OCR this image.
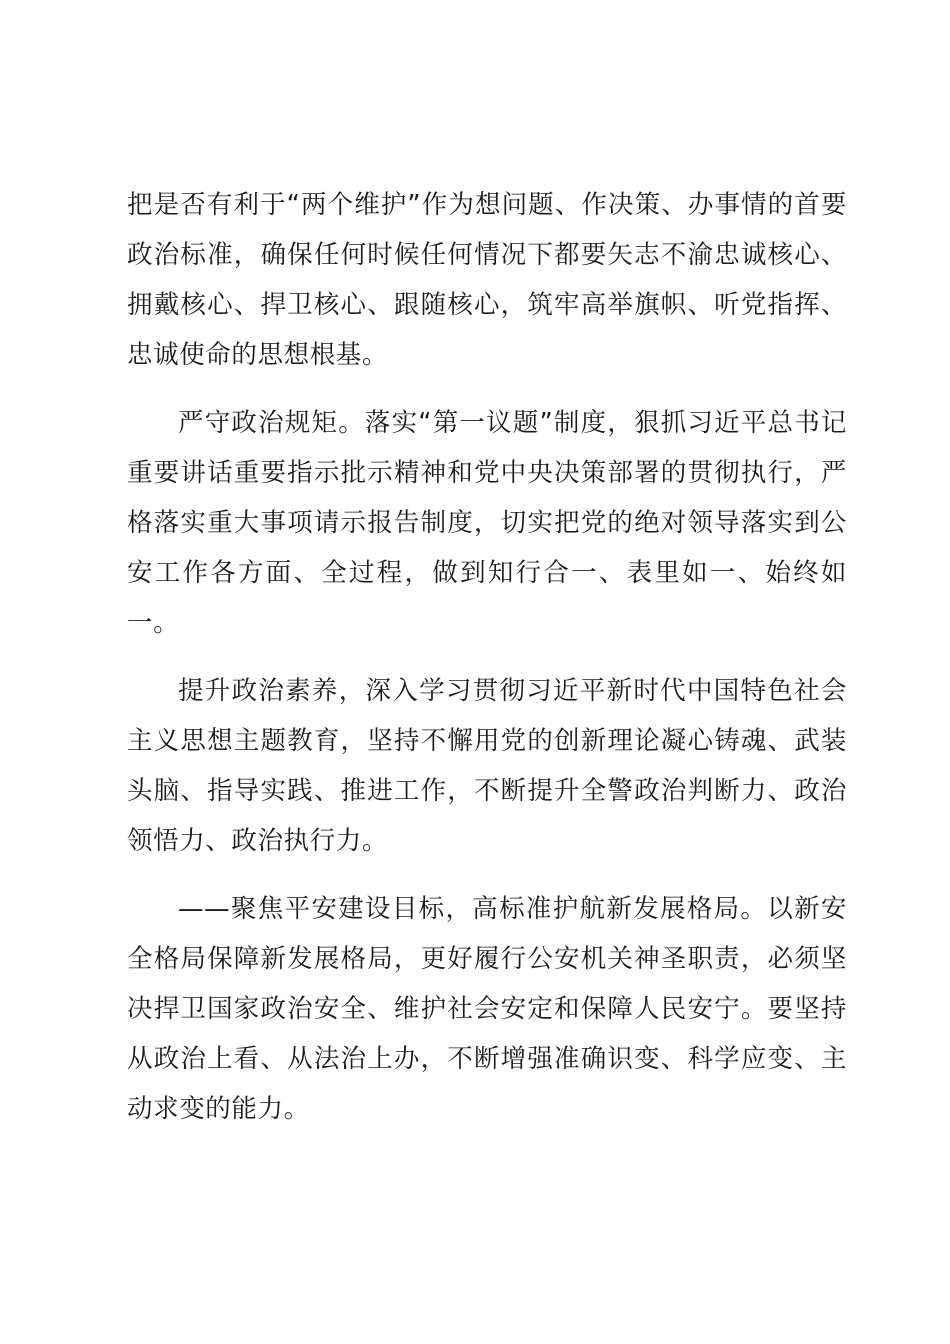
把是否有利于“两个维护”作为想问题、作决策、办事情的首要政治标准，确保任何时候任何情况下都要矢志不渝忠诚核心、拥戴核心、捍卫核心、跟随核心，筑牢高举旗帜、听党指挥、忠诚使命的思想根基。

严守政治规矩。落实“第一议题”制度，狠抓习近平总书记重要讲话重要指示批示精神和党中央决策部署的贯彻执行，严格落实重大事项请示报告制度，切实把党的绝对领导落实到公安工作各方面、全过程，做到知行合一、表里如一、始终如一。

提升政治素养，深入学习贯彻习近平新时代中国特色社会主义思想主题教育，坚持不懈用党的创新理论凝心铸魂、武装头脑、指导实践、推进工作，不断提升全警政治判断力、政治领悟力、政治执行力。

——聚焦平安建设目标，高标准护航新发展格局。以新安全格局保障新发展格局，更好履行公安机关神圣职责，必须坚决捍卫国家政治安全、维护社会安定和保障人民安宁。要坚持从政治上看、从法治上办，不断增强准确识变、科学应变、主动求变的能力。
